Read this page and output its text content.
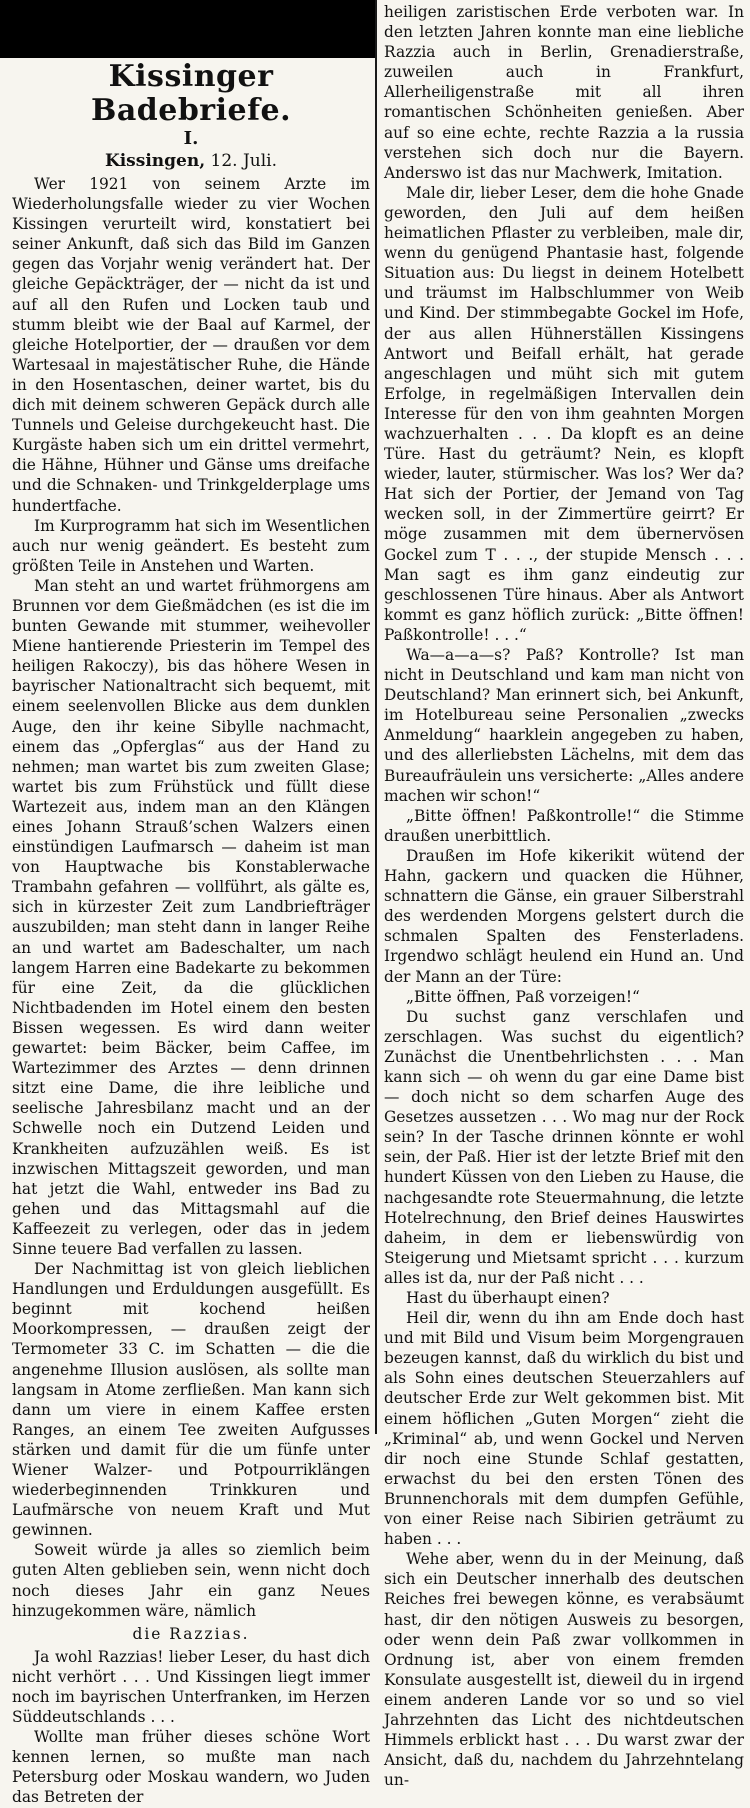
Kissinger Badebriefe.
I.
Kissingen, 12. Juli.

Wer 1921 von seinem Arzte im Wiederholungsfalle wieder zu vier Wochen Kissingen verurteilt wird, konstatiert bei seiner Ankunft, daß sich das Bild im Ganzen gegen das Vorjahr wenig verändert hat. Der gleiche Gepäckträger, der — nicht da ist und auf all den Rufen und Locken taub und stumm bleibt wie der Baal auf Karmel, der gleiche Hotelportier, der — draußen vor dem Wartesaal in majestätischer Ruhe, die Hände in den Hosentaschen, deiner wartet, bis du dich mit deinem schweren Gepäck durch alle Tunnels und Geleise durchgekeucht hast. Die Kurgäste haben sich um ein drittel vermehrt, die Hähne, Hühner und Gänse ums dreifache und die Schnaken- und Trinkgelderplage ums hundertfache.

Im Kurprogramm hat sich im Wesentlichen auch nur wenig geändert. Es besteht zum größten Teile in Anstehen und Warten.

Man steht an und wartet frühmorgens am Brunnen vor dem Gießmädchen (es ist die im bunten Gewande mit stummer, weihevoller Miene hantierende Priesterin im Tempel des heiligen Rakoczy), bis das höhere Wesen in bayrischer Nationaltracht sich bequemt, mit einem seelenvollen Blicke aus dem dunklen Auge, den ihr keine Sibylle nachmacht, einem das „Opferglas“ aus der Hand zu nehmen; man wartet bis zum zweiten Glase; wartet bis zum Frühstück und füllt diese Wartezeit aus, indem man an den Klängen eines Johann Strauß’schen Walzers einen einstündigen Laufmarsch — daheim ist man von Hauptwache bis Konstablerwache Trambahn gefahren — vollführt, als gälte es, sich in kürzester Zeit zum Landbriefträger auszubilden; man steht dann in langer Reihe an und wartet am Badeschalter, um nach langem Harren eine Badekarte zu bekommen für eine Zeit, da die glücklichen Nichtbadenden im Hotel einem den besten Bissen wegessen. Es wird dann weiter gewartet: beim Bäcker, beim Caffee, im Wartezimmer des Arztes — denn drinnen sitzt eine Dame, die ihre leibliche und seelische Jahresbilanz macht und an der Schwelle noch ein Dutzend Leiden und Krankheiten aufzuzählen weiß. Es ist inzwischen Mittagszeit geworden, und man hat jetzt die Wahl, entweder ins Bad zu gehen und das Mittagsmahl auf die Kaffeezeit zu verlegen, oder das in jedem Sinne teuere Bad verfallen zu lassen.

Der Nachmittag ist von gleich lieblichen Handlungen und Erduldungen ausgefüllt. Es beginnt mit kochend heißen Moorkompressen, — draußen zeigt der Termometer 33 C. im Schatten — die die angenehme Illusion auslösen, als sollte man langsam in Atome zerfließen. Man kann sich dann um viere in einem Kaffee ersten Ranges, an einem Tee zweiten Aufgusses stärken und damit für die um fünfe unter Wiener Walzer- und Potpourriklängen wiederbeginnenden Trinkkuren und Laufmärsche von neuem Kraft und Mut gewinnen.

Soweit würde ja alles so ziemlich beim guten Alten geblieben sein, wenn nicht doch noch dieses Jahr ein ganz Neues hinzugekommen wäre, nämlich

die Razzias.

Ja wohl Razzias! lieber Leser, du hast dich nicht verhört . . . Und Kissingen liegt immer noch im bayrischen Unterfranken, im Herzen Süddeutschlands . . .

Wollte man früher dieses schöne Wort kennen lernen, so mußte man nach Petersburg oder Moskau wandern, wo Juden das Betreten der

heiligen zaristischen Erde verboten war. In den letzten Jahren konnte man eine liebliche Razzia auch in Berlin, Grenadierstraße, zuweilen auch in Frankfurt, Allerheiligenstraße mit all ihren romantischen Schönheiten genießen. Aber auf so eine echte, rechte Razzia a la russia verstehen sich doch nur die Bayern. Anderswo ist das nur Machwerk, Imitation.

Male dir, lieber Leser, dem die hohe Gnade geworden, den Juli auf dem heißen heimatlichen Pflaster zu verbleiben, male dir, wenn du genügend Phantasie hast, folgende Situation aus: Du liegst in deinem Hotelbett und träumst im Halbschlummer von Weib und Kind. Der stimmbegabte Gockel im Hofe, der aus allen Hühnerställen Kissingens Antwort und Beifall erhält, hat gerade angeschlagen und müht sich mit gutem Erfolge, in regelmäßigen Intervallen dein Interesse für den von ihm geahnten Morgen wachzuerhalten . . . Da klopft es an deine Türe. Hast du geträumt? Nein, es klopft wieder, lauter, stürmischer. Was los? Wer da? Hat sich der Portier, der Jemand von Tag wecken soll, in der Zimmertüre geirrt? Er möge zusammen mit dem übernervösen Gockel zum T . . ., der stupide Mensch . . . Man sagt es ihm ganz eindeutig zur geschlossenen Türe hinaus. Aber als Antwort kommt es ganz höflich zurück: „Bitte öffnen! Paßkontrolle! . . .“

Wa—a—a—s? Paß? Kontrolle? Ist man nicht in Deutschland und kam man nicht von Deutschland? Man erinnert sich, bei Ankunft, im Hotelbureau seine Personalien „zwecks Anmeldung“ haarklein angegeben zu haben, und des allerliebsten Lächelns, mit dem das Bureaufräulein uns versicherte: „Alles andere machen wir schon!“

„Bitte öffnen! Paßkontrolle!“ die Stimme draußen unerbittlich.

Draußen im Hofe kikerikit wütend der Hahn, gackern und quacken die Hühner, schnattern die Gänse, ein grauer Silberstrahl des werdenden Morgens gelstert durch die schmalen Spalten des Fensterladens. Irgendwo schlägt heulend ein Hund an. Und der Mann an der Türe:

„Bitte öffnen, Paß vorzeigen!“

Du suchst ganz verschlafen und zerschlagen. Was suchst du eigentlich? Zunächst die Unentbehrlichsten . . . Man kann sich — oh wenn du gar eine Dame bist — doch nicht so dem scharfen Auge des Gesetzes aussetzen . . . Wo mag nur der Rock sein? In der Tasche drinnen könnte er wohl sein, der Paß. Hier ist der letzte Brief mit den hundert Küssen von den Lieben zu Hause, die nachgesandte rote Steuermahnung, die letzte Hotelrechnung, den Brief deines Hauswirtes daheim, in dem er liebenswürdig von Steigerung und Mietsamt spricht . . . kurzum alles ist da, nur der Paß nicht . . .

Hast du überhaupt einen?

Heil dir, wenn du ihn am Ende doch hast und mit Bild und Visum beim Morgengrauen bezeugen kannst, daß du wirklich du bist und als Sohn eines deutschen Steuerzahlers auf deutscher Erde zur Welt gekommen bist. Mit einem höflichen „Guten Morgen“ zieht die „Kriminal“ ab, und wenn Gockel und Nerven dir noch eine Stunde Schlaf gestatten, erwachst du bei den ersten Tönen des Brunnenchorals mit dem dumpfen Gefühle, von einer Reise nach Sibirien geträumt zu haben . . .

Wehe aber, wenn du in der Meinung, daß sich ein Deutscher innerhalb des deutschen Reiches frei bewegen könne, es verabsäumt hast, dir den nötigen Ausweis zu besorgen, oder wenn dein Paß zwar vollkommen in Ordnung ist, aber von einem fremden Konsulate ausgestellt ist, dieweil du in irgend einem anderen Lande vor so und so viel Jahrzehnten das Licht des nichtdeutschen Himmels erblickt hast . . . Du warst zwar der Ansicht, daß du, nachdem du Jahrzehntelang un-
